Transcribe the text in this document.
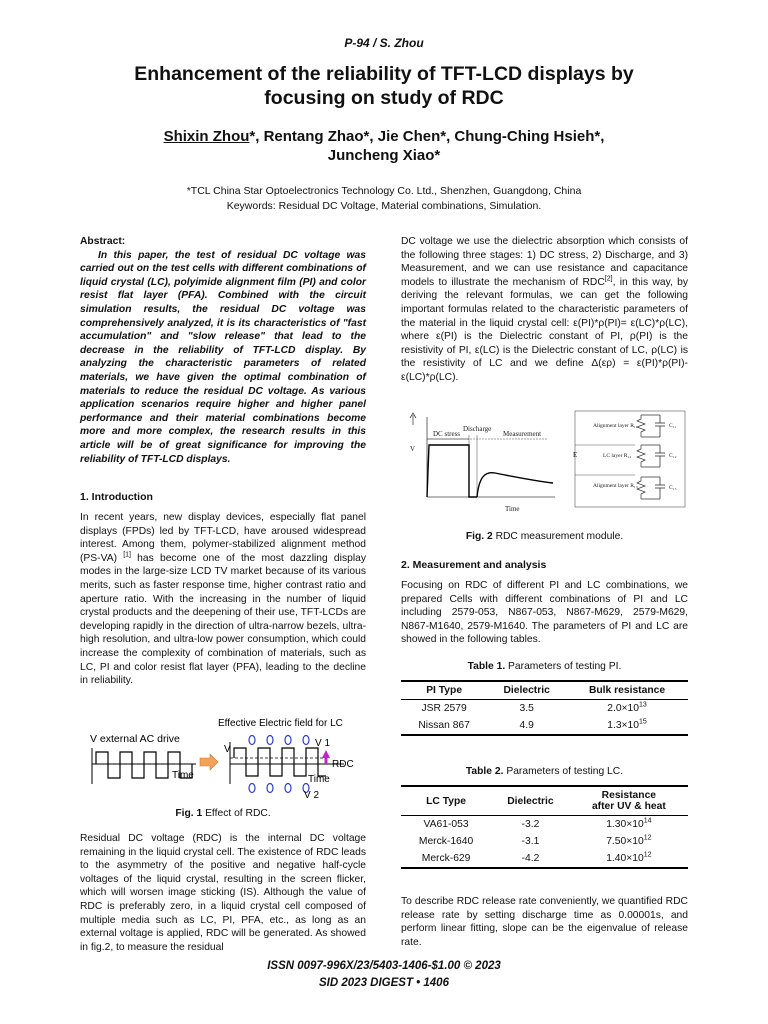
P-94 / S. Zhou
Enhancement of the reliability of TFT-LCD displays by
focusing on study of RDC
Shixin Zhou*, Rentang Zhao*, Jie Chen*, Chung-Ching Hsieh*,
Juncheng Xiao*
*TCL China Star Optoelectronics Technology Co. Ltd., Shenzhen, Guangdong, China
Keywords: Residual DC Voltage, Material combinations, Simulation.

Abstract:

In this paper, the test of residual DC voltage was carried out on the test cells with different combinations of liquid crystal (LC), polyimide alignment film (PI) and color resist flat layer (PFA). Combined with the circuit simulation results, the residual DC voltage was comprehensively analyzed, it is its characteristics of "fast accumulation" and "slow release" that lead to the decrease in the reliability of TFT-LCD display. By analyzing the characteristic parameters of related materials, we have given the optimal combination of materials to reduce the residual DC voltage. As various application scenarios require higher and higher panel performance and their material combinations become more and more complex, the research results in this article will be of great significance for improving the reliability of TFT-LCD displays.

1. Introduction
In recent years, new display devices, especially flat panel displays (FPDs) led by TFT-LCD, have aroused widespread interest. Among them, polymer-stabilized alignment method (PS-VA) [1] has become one of the most dazzling display modes in the large-size LCD TV market because of its various merits, such as faster response time, higher contrast ratio and aperture ratio. With the increasing in the number of liquid crystal products and the deepening of their use, TFT-LCDs are developing rapidly in the direction of ultra-narrow bezels, ultra-high resolution, and ultra-low power consumption, which could increase the complexity of combination of materials, such as LC, PI and color resist flat layer (PFA), leading to the decline in reliability.
V external AC drive
Effective Electric field for LC
Time
V
V 1
RDC
Time
V 2
Fig. 1 Effect of RDC.
Residual DC voltage (RDC) is the internal DC voltage remaining in the liquid crystal cell. The existence of RDC leads to the asymmetry of the positive and negative half-cycle voltages of the liquid crystal, resulting in the screen flicker, which will worsen image sticking (IS). Although the value of RDC is preferably zero, in a liquid crystal cell composed of multiple media such as LC, PI, PFA, etc., as long as an external voltage is applied, RDC will be generated. As showed in fig.2, to measure the residual
DC voltage we use the dielectric absorption which consists of the following three stages: 1) DC stress, 2) Discharge, and 3) Measurement, and we can use resistance and capacitance models to illustrate the mechanism of RDC[2], in this way, by deriving the relevant formulas, we can get the following important formulas related to the characteristic parameters of the material in the liquid crystal cell: ε(PI)*ρ(PI)= ε(LC)*ρ(LC), where ε(PI) is the Dielectric constant of PI, ρ(PI) is the resistivity of PI, ε(LC) is the Dielectric constant of LC, ρ(LC) is the resistivity of LC and we define Δ(ερ) = ε(PI)*ρ(PI)-ε(LC)*ρ(LC).
V
DC stress
Discharge
Measurement
Time
E
Alignment layer R₁₁
LC layer R₁₂
Alignment layer R₁₃
C₁₁
C₁₂
C₁₃
Fig. 2 RDC measurement module.
2. Measurement and analysis
Focusing on RDC of different PI and LC combinations, we prepared Cells with different combinations of PI and LC including 2579-053, N867-053, N867-M629, 2579-M629, N867-M1640, 2579-M1640. The parameters of PI and LC are showed in the following tables.
Table 1. Parameters of testing PI.
PI Type	Dielectric	Bulk resistance
JSR 2579	3.5	$2.0\times 10^{13}$
Nissan 867	4.9	$1.3\times 10^{15}$
Table 2. Parameters of testing LC.
LC Type	Dielectric	Resistance
after UV & heat

VA61-053	-3.2	$1.30\times 10^{14}$
Merck-1640	-3.1	$7.50\times 10^{12}$
Merck-629	-4.2	$1.40\times 10^{12}$
To describe RDC release rate conveniently, we quantified RDC release rate by setting discharge time as 0.00001s, and perform linear fitting, slope can be the eigenvalue of release rate.
ISSN 0097-996X/23/5403-1406-$1.00 © 2023
SID 2023 DIGEST • 1406
